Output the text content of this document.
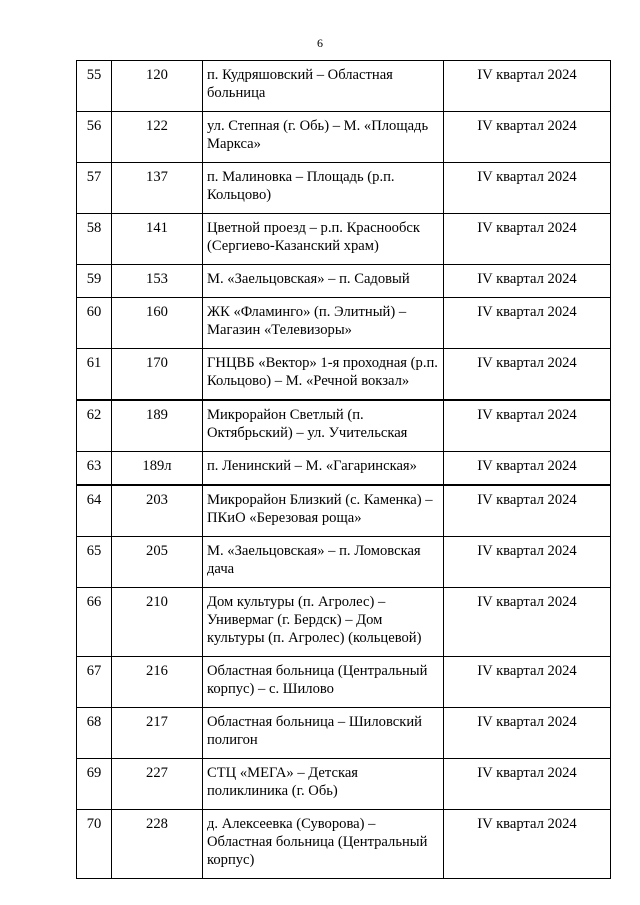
6
55	120	п. Кудряшовский – Областная больница	IV квартал 2024
56	122	ул. Степная (г. Обь) – М. «Площадь Маркса»	IV квартал 2024
57	137	п. Малиновка – Площадь (р.п. Кольцово)	IV квартал 2024
58	141	Цветной проезд – р.п. Краснообск (Сергиево-Казанский храм)	IV квартал 2024
59	153	М. «Заельцовская» – п. Садовый	IV квартал 2024
60	160	ЖК «Фламинго» (п. Элитный) – Магазин «Телевизоры»	IV квартал 2024
61	170	ГНЦВБ «Вектор» 1-я проходная (р.п. Кольцово) – М. «Речной вокзал»	IV квартал 2024
62	189	Микрорайон Светлый (п. Октябрьский) – ул. Учительская	IV квартал 2024
63	189л	п. Ленинский – М. «Гагаринская»	IV квартал 2024
64	203	Микрорайон Близкий (с. Каменка) – ПКиО «Березовая роща»	IV квартал 2024
65	205	М. «Заельцовская» – п. Ломовская дача	IV квартал 2024
66	210	Дом культуры (п. Агролес) – Универмаг (г. Бердск) – Дом культуры (п. Агролес) (кольцевой)	IV квартал 2024
67	216	Областная больница (Центральный корпус) – с. Шилово	IV квартал 2024
68	217	Областная больница – Шиловский полигон	IV квартал 2024
69	227	СТЦ «МЕГА» – Детская поликлиника (г. Обь)	IV квартал 2024
70	228	д. Алексеевка (Суворова) – Областная больница (Центральный корпус)	IV квартал 2024
